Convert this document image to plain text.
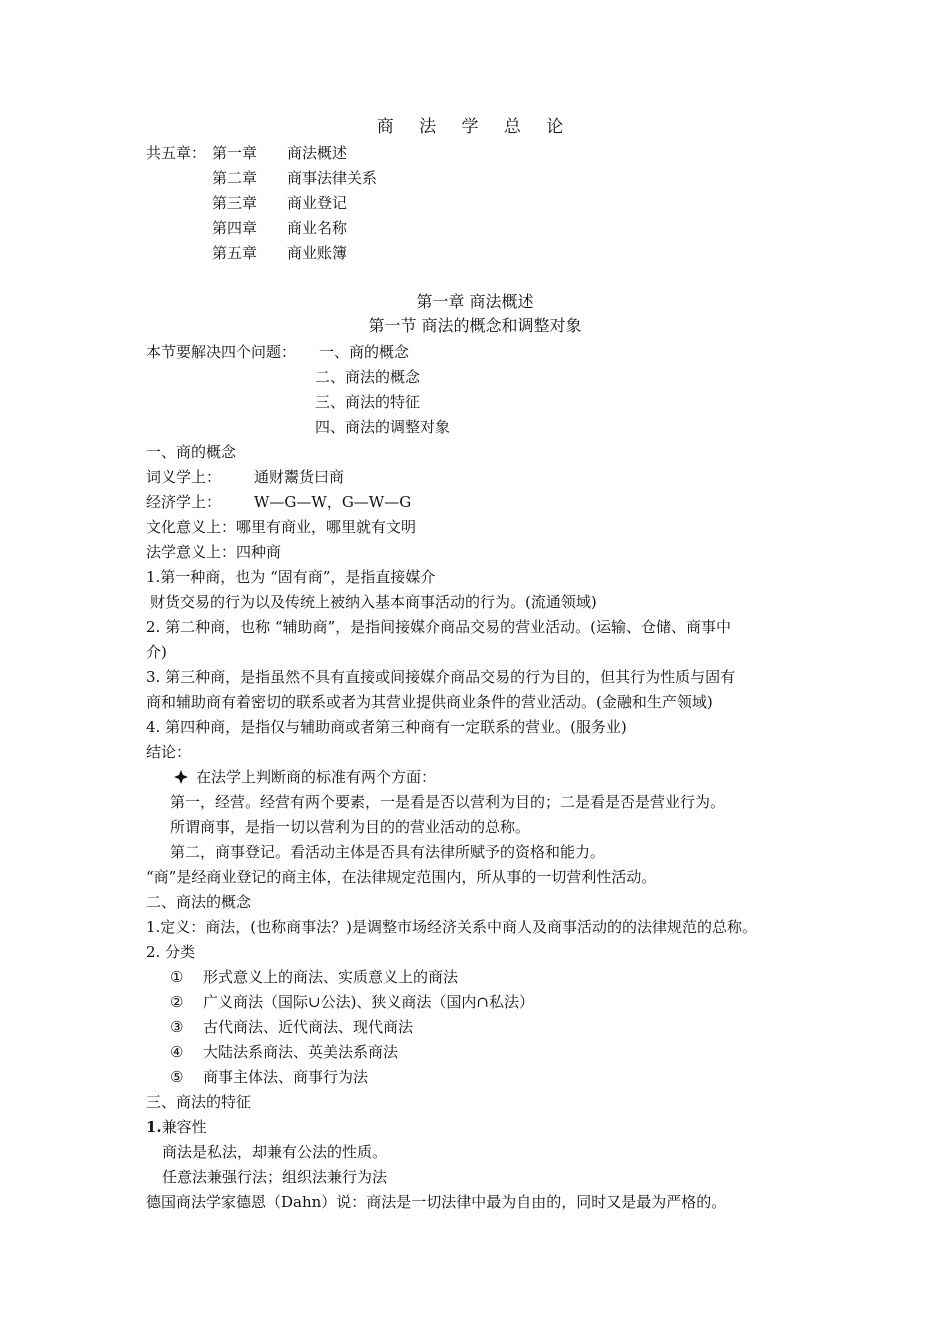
商 法 学 总 论
共五章： 第一章 商法概述
第二章 商事法律关系
第三章 商业登记
第四章 商业名称
第五章 商业账簿
第一章 商法概述
第一节 商法的概念和调整对象
本节要解决四个问题： 一、商的概念
二、商法的概念
三、商法的特征
四、商法的调整对象
一、商的概念
词义学上： 通财鬻货曰商
经济学上： W—G—W，G—W—G
文化意义上：哪里有商业，哪里就有文明
法学意义上：四种商
1.第一种商，也为 “固有商”，是指直接媒介
财货交易的行为以及传统上被纳入基本商事活动的行为。(流通领域)
2. 第二种商，也称 “辅助商”，是指间接媒介商品交易的营业活动。(运输、仓储、商事中
介)
3. 第三种商，是指虽然不具有直接或间接媒介商品交易的行为目的，但其行为性质与固有
商和辅助商有着密切的联系或者为其营业提供商业条件的营业活动。(金融和生产领域)
4. 第四种商，是指仅与辅助商或者第三种商有一定联系的营业。(服务业)
结论：
在法学上判断商的标准有两个方面：
第一，经营。经营有两个要素，一是看是否以营利为目的；二是看是否是营业行为。
所谓商事，是指一切以营利为目的的营业活动的总称。
第二，商事登记。看活动主体是否具有法律所赋予的资格和能力。
“商”是经商业登记的商主体，在法律规定范围内，所从事的一切营利性活动。
二、商法的概念
1.定义：商法，(也称商事法？)是调整市场经济关系中商人及商事活动的的法律规范的总称。
2. 分类
① 形式意义上的商法、实质意义上的商法
② 广义商法（国际∪公法)、狭义商法（国内∩私法）
③ 古代商法、近代商法、现代商法
④ 大陆法系商法、英美法系商法
⑤ 商事主体法、商事行为法
三、商法的特征
1.兼容性
商法是私法，却兼有公法的性质。
任意法兼强行法；组织法兼行为法
德国商法学家德恩（Dahn）说：商法是一切法律中最为自由的，同时又是最为严格的。
